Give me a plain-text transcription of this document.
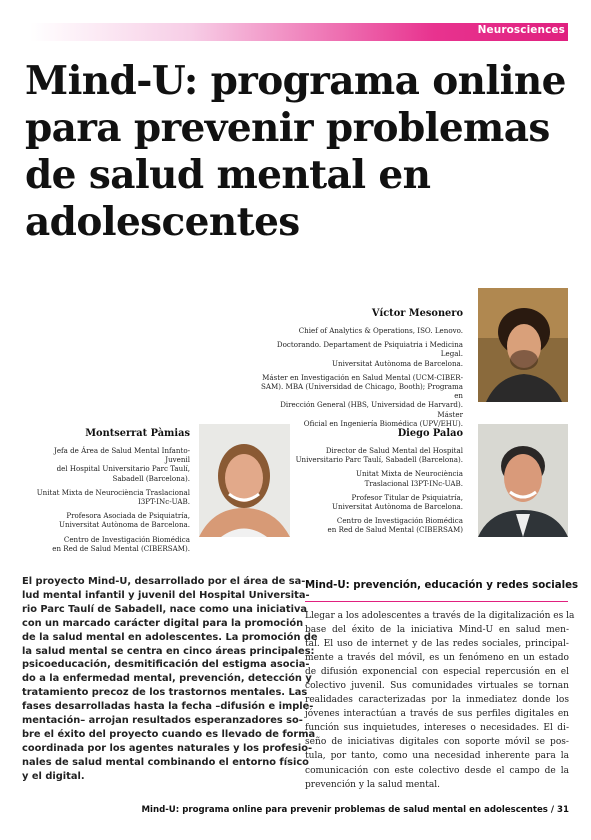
Neurosciences
Mind-U: programa online
para prevenir problemas
de salud mental en
adolescentes
Víctor Mesonero

Chief of Analytics & Operations, ISO. Lenovo.

Doctorando. Departament de Psiquiatria i Medicina Legal.
Universitat Autònoma de Barcelona.

Máster en Investigación en Salud Mental (UCM-CIBER-
SAM). MBA (Universidad de Chicago, Booth); Programa en
Dirección General (HBS, Universidad de Harvard). Máster
Oficial en Ingeniería Biomédica (UPV/EHU).

Montserrat Pàmias

Jefa de Área de Salud Mental Infanto-Juvenil
del Hospital Universitario Parc Taulí,
Sabadell (Barcelona).

Unitat Mixta de Neurociència Traslacional
I3PT-INc-UAB.

Profesora Asociada de Psiquiatría,
Universitat Autònoma de Barcelona.

Centro de Investigación Biomédica
en Red de Salud Mental (CIBERSAM).

Diego Palao

Director de Salud Mental del Hospital
Universitario Parc Taulí, Sabadell (Barcelona).

Unitat Mixta de Neurociència
Traslacional I3PT-INc-UAB.

Profesor Titular de Psiquiatría,
Universitat Autònoma de Barcelona.

Centro de Investigación Biomédica
en Red de Salud Mental (CIBERSAM)

El proyecto Mind-U, desarrollado por el área de sa-
lud mental infantil y juvenil del Hospital Universita-
rio Parc Taulí de Sabadell, nace como una iniciativa
con un marcado carácter digital para la promoción
de la salud mental en adolescentes. La promoción de
la salud mental se centra en cinco áreas principales:
psicoeducación, desmitificación del estigma asocia-
do a la enfermedad mental, prevención, detección y
tratamiento precoz de los trastornos mentales. Las
fases desarrolladas hasta la fecha –difusión e imple-
mentación– arrojan resultados esperanzadores so-
bre el éxito del proyecto cuando es llevado de forma
coordinada por los agentes naturales y los profesio-
nales de salud mental combinando el entorno físico
y el digital.
Mind-U: prevención, educación y redes sociales
Llegar a los adolescentes a través de la digitalización es la
base del éxito de la iniciativa Mind-U en salud men-
tal. El uso de internet y de las redes sociales, principal-
mente a través del móvil, es un fenómeno en un estado
de difusión exponencial con especial repercusión en el
colectivo juvenil. Sus comunidades virtuales se tornan
realidades caracterizadas por la inmediatez donde los
jóvenes interactúan a través de sus perfiles digitales en
función sus inquietudes, intereses o necesidades. El di-
seño de iniciativas digitales con soporte móvil se pos-
tula, por tanto, como una necesidad inherente para la
comunicación con este colectivo desde el campo de la
prevención y la salud mental.
Mind-U: programa online para prevenir problemas de salud mental en adolescentes / 31
